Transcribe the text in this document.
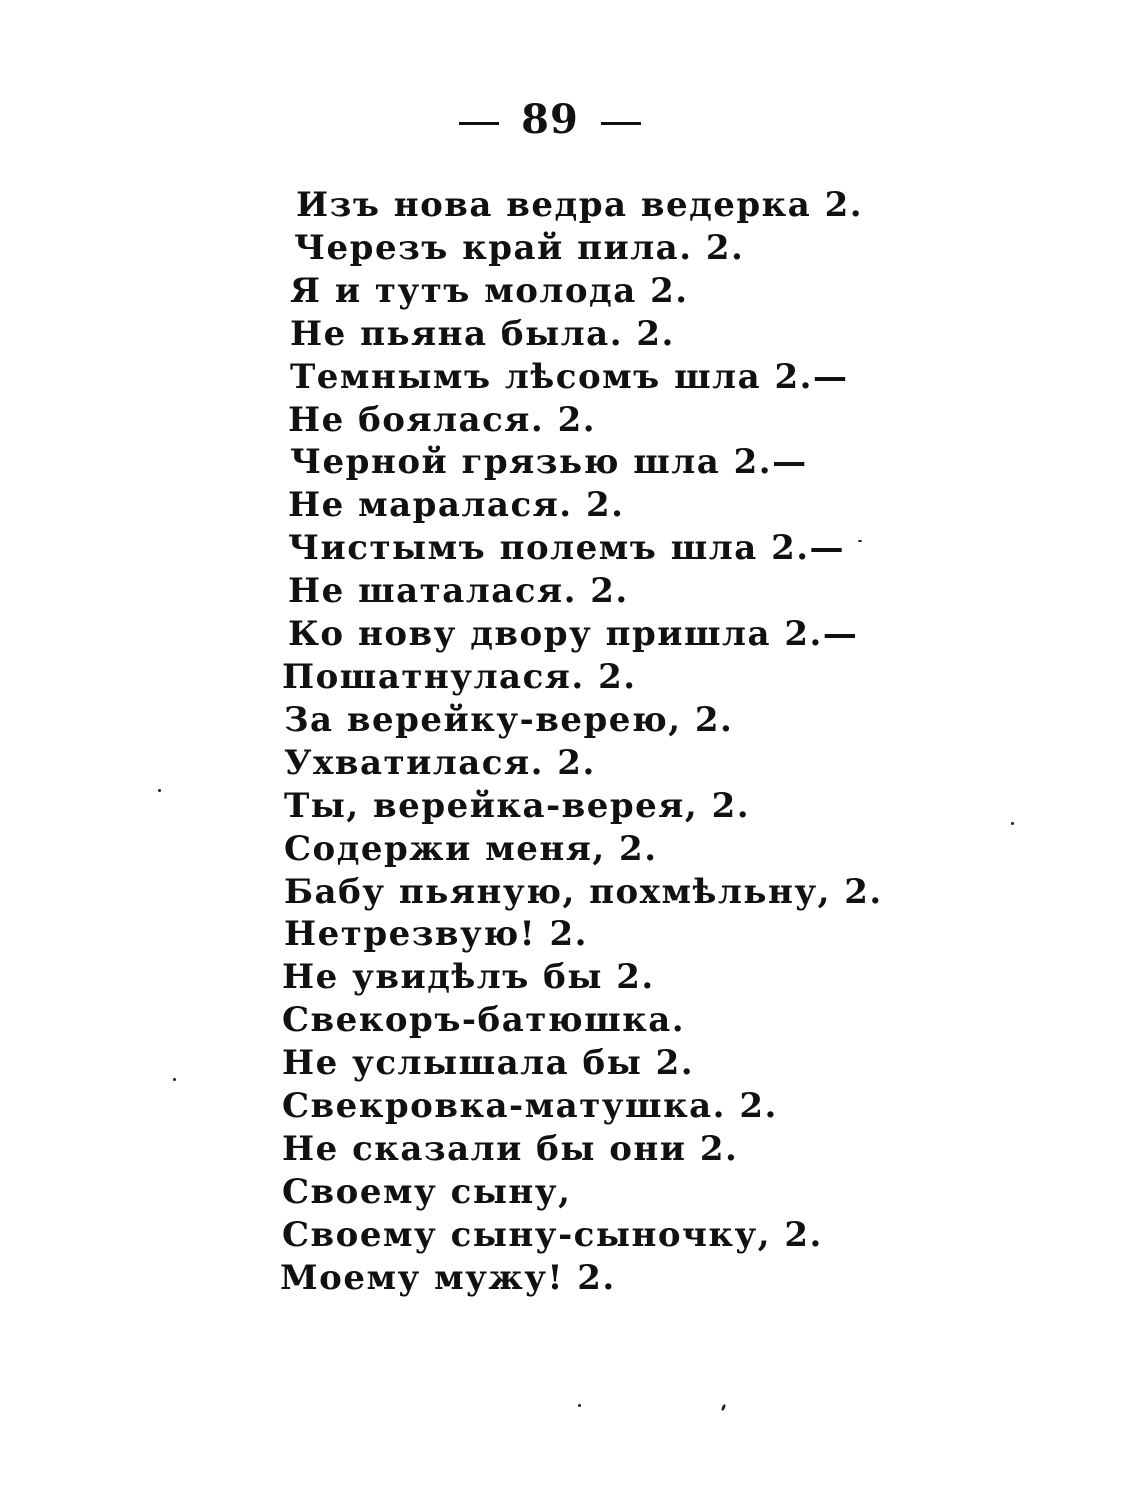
89
Изъ нова ведра ведерка 2.
Черезъ край пила. 2.
Я и тутъ молода 2.
Не пьяна была. 2.
Темнымъ лѣсомъ шла 2.—
Не боялася. 2.
Черной грязью шла 2.—
Не маралася. 2.
Чистымъ полемъ шла 2.—
Не шаталася. 2.
Ко нову двору пришла 2.—
Пошатнулася. 2.
За верейку-верею, 2.
Ухватилася. 2.
Ты, верейка-верея, 2.
Содержи меня, 2.
Бабу пьяную, похмѣльну, 2.
Нетрезвую! 2.
Не увидѣлъ бы 2.
Свекоръ-батюшка.
Не услышала бы 2.
Свекровка-матушка. 2.
Не сказали бы они 2.
Своему сыну,
Своему сыну-сыночку, 2.
Моему мужу! 2.
